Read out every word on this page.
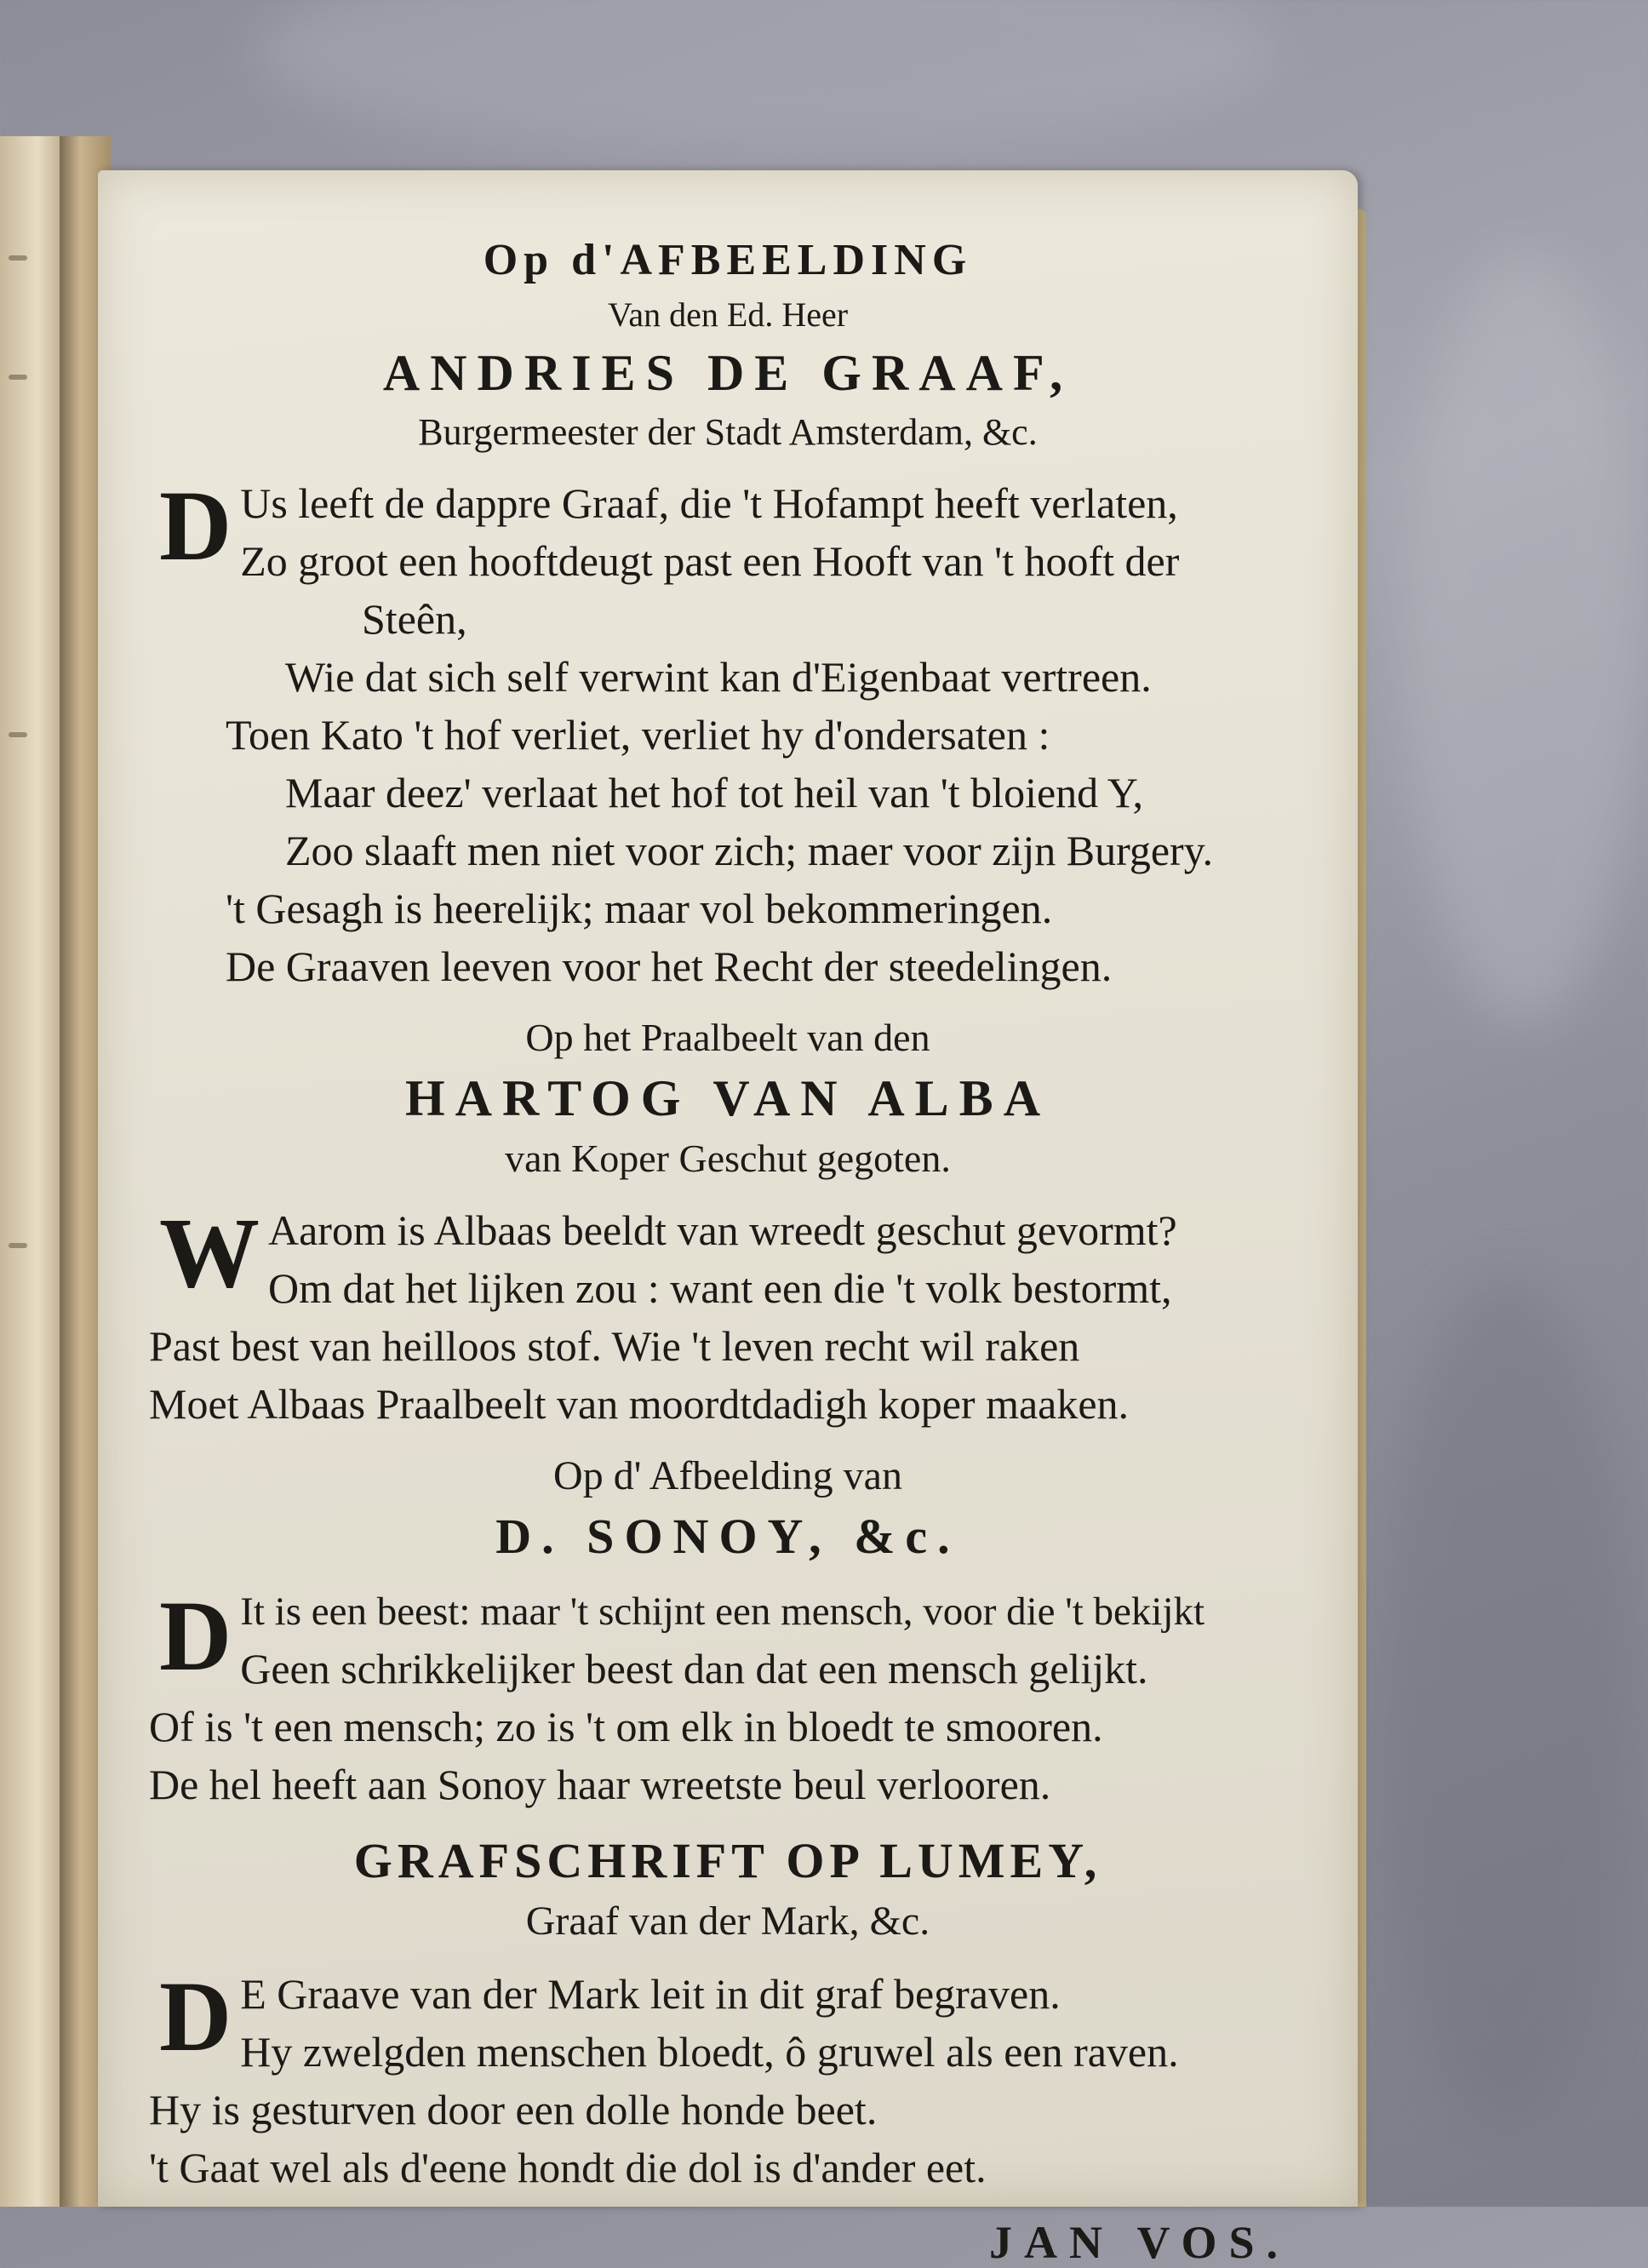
Op d'AFBEELDING

Van den Ed. Heer

ANDRIES DE GRAAF,

Burgermeester der Stadt Amsterdam, &c.

D Us leeft de dappre Graaf, die 't Hofampt heeft verlaten,

Zo groot een hooftdeugt past een Hooft van 't hooft der

Steên,

Wie dat sich self verwint kan d'Eigenbaat vertreen.

Toen Kato 't hof verliet, verliet hy d'ondersaten :

Maar deez' verlaat het hof tot heil van 't bloiend Y,

Zoo slaaft men niet voor zich; maer voor zijn Burgery.

't Gesagh is heerelijk; maar vol bekommeringen.

De Graaven leeven voor het Recht der steedelingen.

Op het Praalbeelt van den

HARTOG VAN ALBA

van Koper Geschut gegoten.

W Aarom is Albaas beeldt van wreedt geschut gevormt?

Om dat het lijken zou : want een die 't volk bestormt,

Past best van heilloos stof. Wie 't leven recht wil raken

Moet Albaas Praalbeelt van moordtdadigh koper maaken.

Op d' Afbeelding van

D. SONOY, &c.

D It is een beest: maar 't schijnt een mensch, voor die 't bekijkt

Geen schrikkelijker beest dan dat een mensch gelijkt.

Of is 't een mensch; zo is 't om elk in bloedt te smooren.

De hel heeft aan Sonoy haar wreetste beul verlooren.

GRAFSCHRIFT OP LUMEY,

Graaf van der Mark, &c.

D E Graave van der Mark leit in dit graf begraven.

Hy zwelgden menschen bloedt, ô gruwel als een raven.

Hy is gesturven door een dolle honde beet.

't Gaat wel als d'eene hondt die dol is d'ander eet.

JAN VOS.
